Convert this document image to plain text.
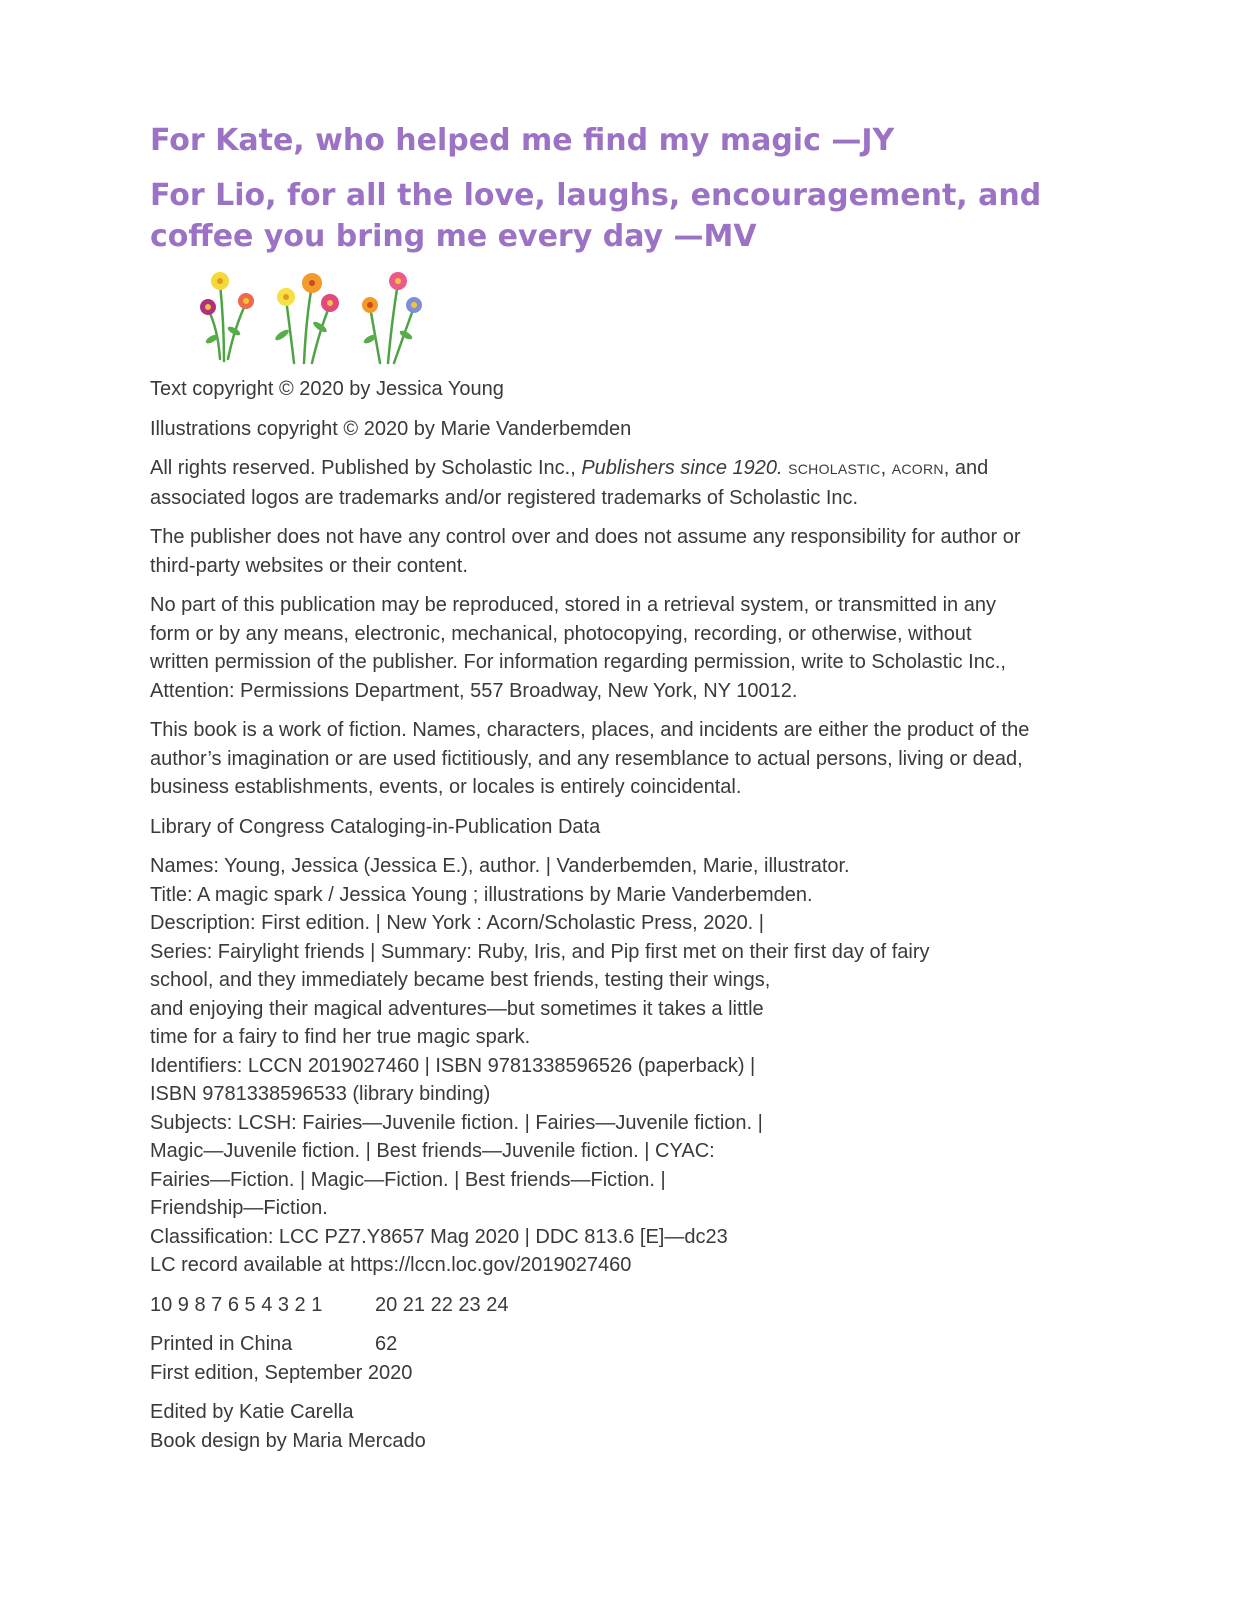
For Kate, who helped me find my magic —JY

For Lio, for all the love, laughs, encouragement, and

coffee you bring me every day —MV

Text copyright © 2020 by Jessica Young

Illustrations copyright © 2020 by Marie Vanderbemden

All rights reserved. Published by Scholastic Inc., Publishers since 1920. SCHOLASTIC, ACORN, and
associated logos are trademarks and/or registered trademarks of Scholastic Inc.

The publisher does not have any control over and does not assume any responsibility for author or
third-party websites or their content.

No part of this publication may be reproduced, stored in a retrieval system, or transmitted in any
form or by any means, electronic, mechanical, photocopying, recording, or otherwise, without
written permission of the publisher. For information regarding permission, write to Scholastic Inc.,
Attention: Permissions Department, 557 Broadway, New York, NY 10012.

This book is a work of fiction. Names, characters, places, and incidents are either the product of the
author’s imagination or are used fictitiously, and any resemblance to actual persons, living or dead,
business establishments, events, or locales is entirely coincidental.

Library of Congress Cataloging-in-Publication Data

Names: Young, Jessica (Jessica E.), author. | Vanderbemden, Marie, illustrator.
Title: A magic spark / Jessica Young ; illustrations by Marie Vanderbemden.
Description: First edition. | New York : Acorn/Scholastic Press, 2020. |
Series: Fairylight friends | Summary: Ruby, Iris, and Pip first met on their first day of fairy
school, and they immediately became best friends, testing their wings,
and enjoying their magical adventures—but sometimes it takes a little
time for a fairy to find her true magic spark.
Identifiers: LCCN 2019027460 | ISBN 9781338596526 (paperback) |
ISBN 9781338596533 (library binding)
Subjects: LCSH: Fairies—Juvenile fiction. | Fairies—Juvenile fiction. |
Magic—Juvenile fiction. | Best friends—Juvenile fiction. | CYAC:
Fairies—Fiction. | Magic—Fiction. | Best friends—Fiction. |
Friendship—Fiction.
Classification: LCC PZ7.Y8657 Mag 2020 | DDC 813.6 [E]—dc23
LC record available at https://lccn.loc.gov/2019027460
10 9 8 7 6 5 4 3 2 1	20 21 22 23 24
Printed in China	62
First edition, September 2020
Edited by Katie Carella
Book design by Maria Mercado
